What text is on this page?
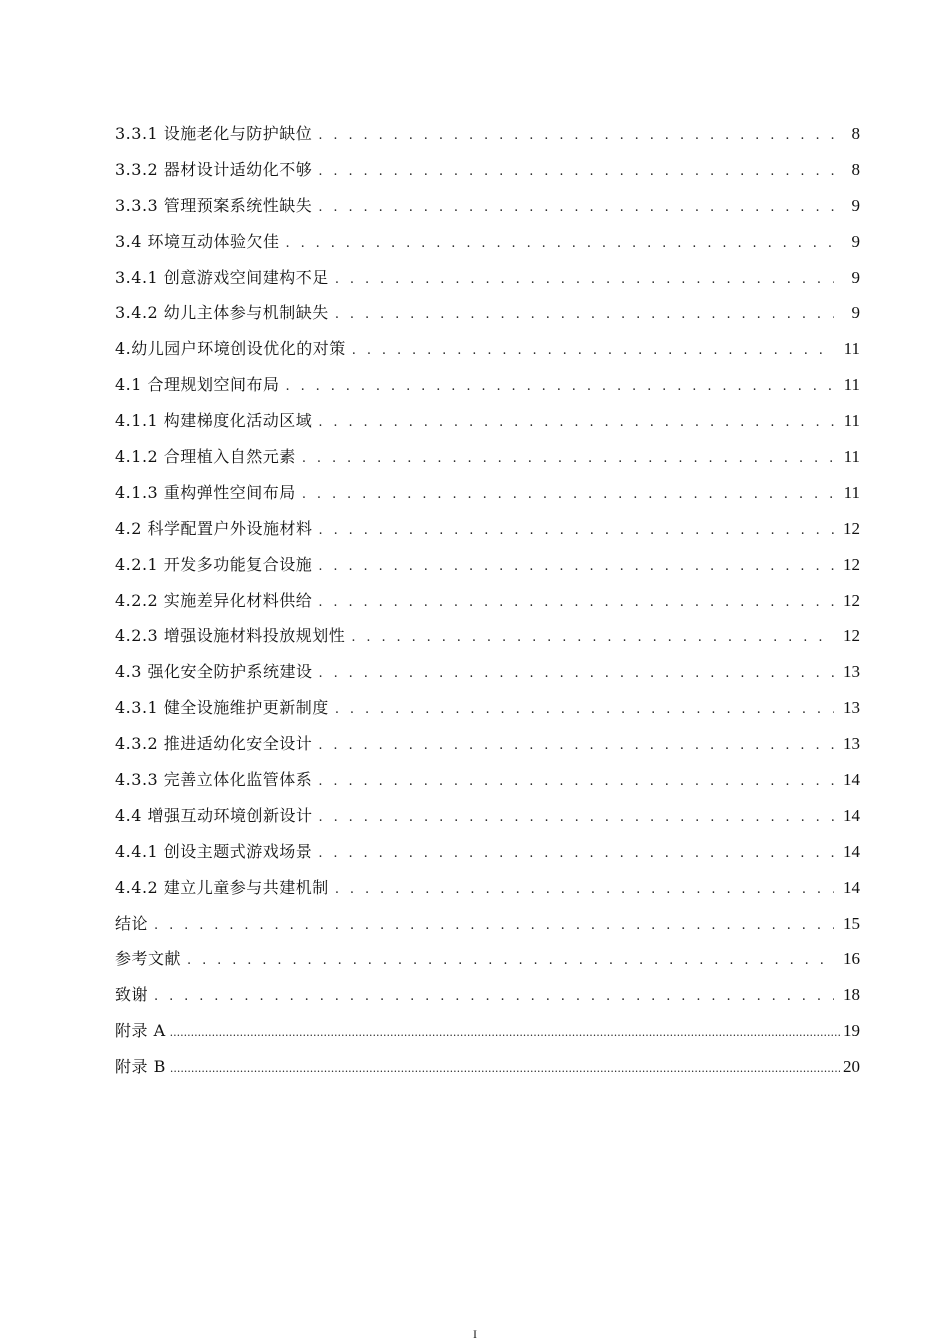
3.3.1 设施老化与防护缺位 . . .	8
3.3.2 器材设计适幼化不够 . . .	8
3.3.3 管理预案系统性缺失 . . .	9
3.4 环境互动体验欠佳 . . .	9
3.4.1 创意游戏空间建构不足 . . .	9
3.4.2 幼儿主体参与机制缺失 . . .	9
4.幼儿园户环境创设优化的对策 . . .	11
4.1 合理规划空间布局 . . .	11
4.1.1 构建梯度化活动区域 . . .	11
4.1.2 合理植入自然元素 . . .	11
4.1.3 重构弹性空间布局 . . .	11
4.2 科学配置户外设施材料 . . .	12
4.2.1 开发多功能复合设施 . . .	12
4.2.2 实施差异化材料供给 . . .	12
4.2.3 增强设施材料投放规划性 . . .	12
4.3 强化安全防护系统建设 . . .	13
4.3.1 健全设施维护更新制度 . . .	13
4.3.2 推进适幼化安全设计 . . .	13
4.3.3 完善立体化监管体系 . . .	14
4.4 增强互动环境创新设计 . . .	14
4.4.1 创设主题式游戏场景 . . .	14
4.4.2 建立儿童参与共建机制 . . .	14
结论 . . .	15
参考文献 . . .	16
致谢 . . .	18
附录 A .....	19
附录 B .....	20
I
